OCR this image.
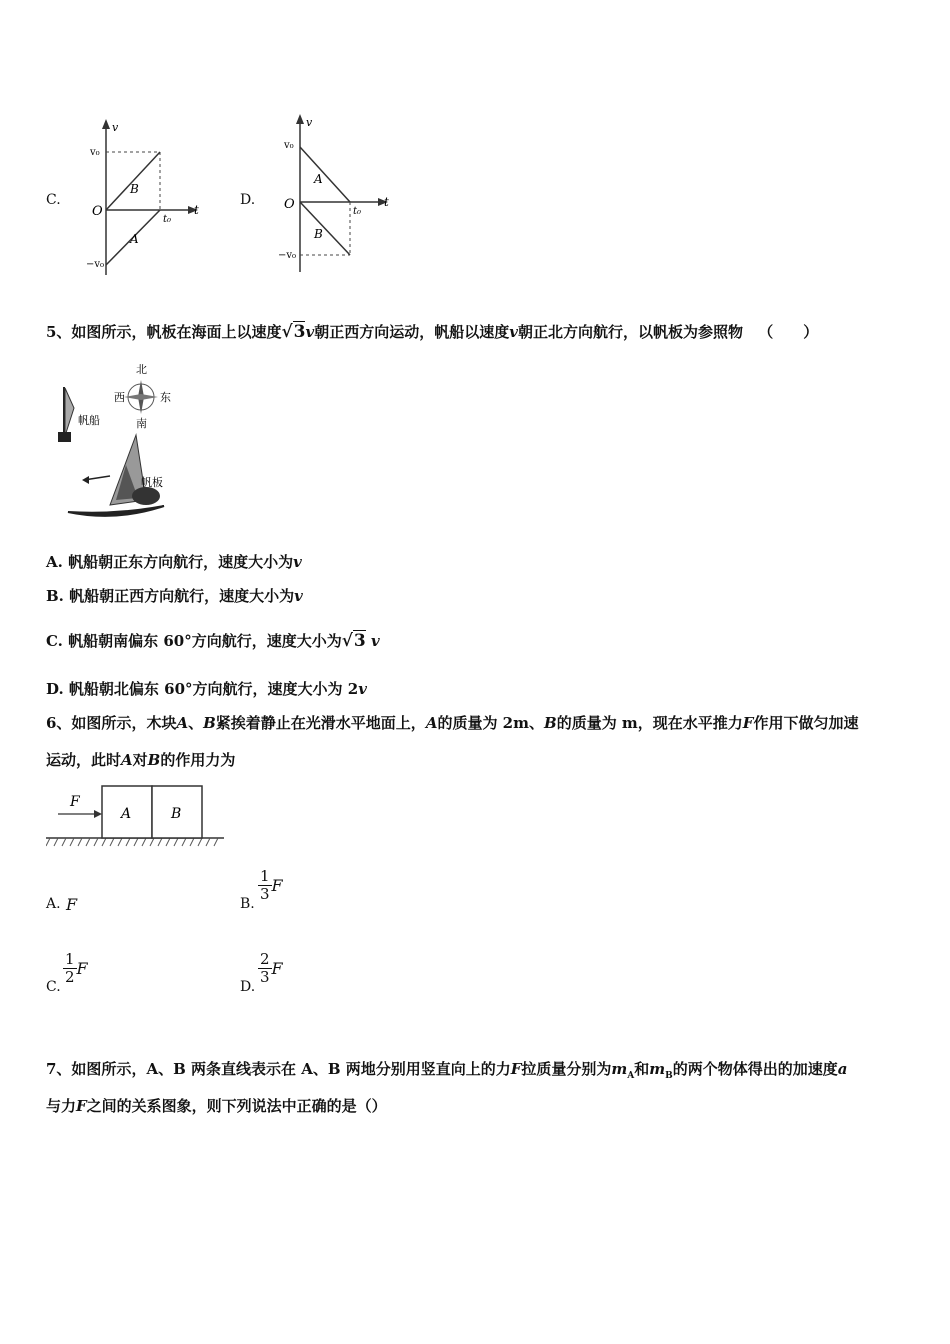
C.
v
t
O
v₀
−v₀
t₀
B
A
D.
v
t
O
v₀
−v₀
t₀
A
B
5、如图所示，帆板在海面上以速度√3v朝正西方向运动，帆船以速度v朝正北方向航行，以帆板为参照物 （　　）
北
西	东
南
帆船
帆板
A. 帆船朝正东方向航行，速度大小为v
B. 帆船朝正西方向航行，速度大小为v
C. 帆船朝南偏东 60°方向航行，速度大小为√3 v
D. 帆船朝北偏东 60°方向航行，速度大小为 2v
6、如图所示，木块A、B紧挨着静止在光滑水平地面上，A的质量为 2m、B的质量为 m，现在水平推力F作用下做匀加速
运动，此时A对B的作用力为
F
A	B
A. F	B.
$\frac{1}{3}$ F
C.
$\frac{1}{2}$ F
D.
$\frac{2}{3}$ F
7、如图所示，A、B 两条直线表示在 A、B 两地分别用竖直向上的力F拉质量分别为$m_A$和$m_B$的两个物体得出的加速度a
与力F之间的关系图象，则下列说法中正确的是（）
